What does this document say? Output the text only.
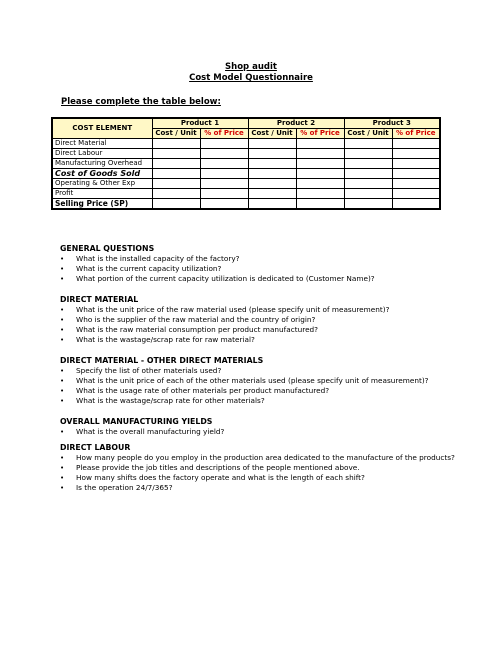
Shop audit
Cost Model Questionnaire
Please complete the table below:
COST ELEMENT	Product 1		Product 2		Product 3	
	Cost / Unit	% of Price	Cost / Unit	% of Price	Cost / Unit	% of Price
Direct Material						
Direct Labour						
Manufacturing Overhead						
Cost of Goods Sold						
Operating & Other Exp						
Profit						
Selling Price (SP)						
GENERAL QUESTIONS
• What is the installed capacity of the factory?
• What is the current capacity utilization?
• What portion of the current capacity utilization is dedicated to (Customer Name)?
DIRECT MATERIAL
• What is the unit price of the raw material used (please specify unit of measurement)?
• Who is the supplier of the raw material and the country of origin?
• What is the raw material consumption per product manufactured?
• What is the wastage/scrap rate for raw material?
DIRECT MATERIAL - OTHER DIRECT MATERIALS
• Specify the list of other materials used?
• What is the unit price of each of the other materials used (please specify unit of measurement)?
• What is the usage rate of other materials per product manufactured?
• What is the wastage/scrap rate for other materials?
OVERALL MANUFACTURING YIELDS
• What is the overall manufacturing yield?
DIRECT LABOUR
• How many people do you employ in the production area dedicated to the manufacture of the products?
• Please provide the job titles and descriptions of the people mentioned above.
• How many shifts does the factory operate and what is the length of each shift?
• Is the operation 24/7/365?
